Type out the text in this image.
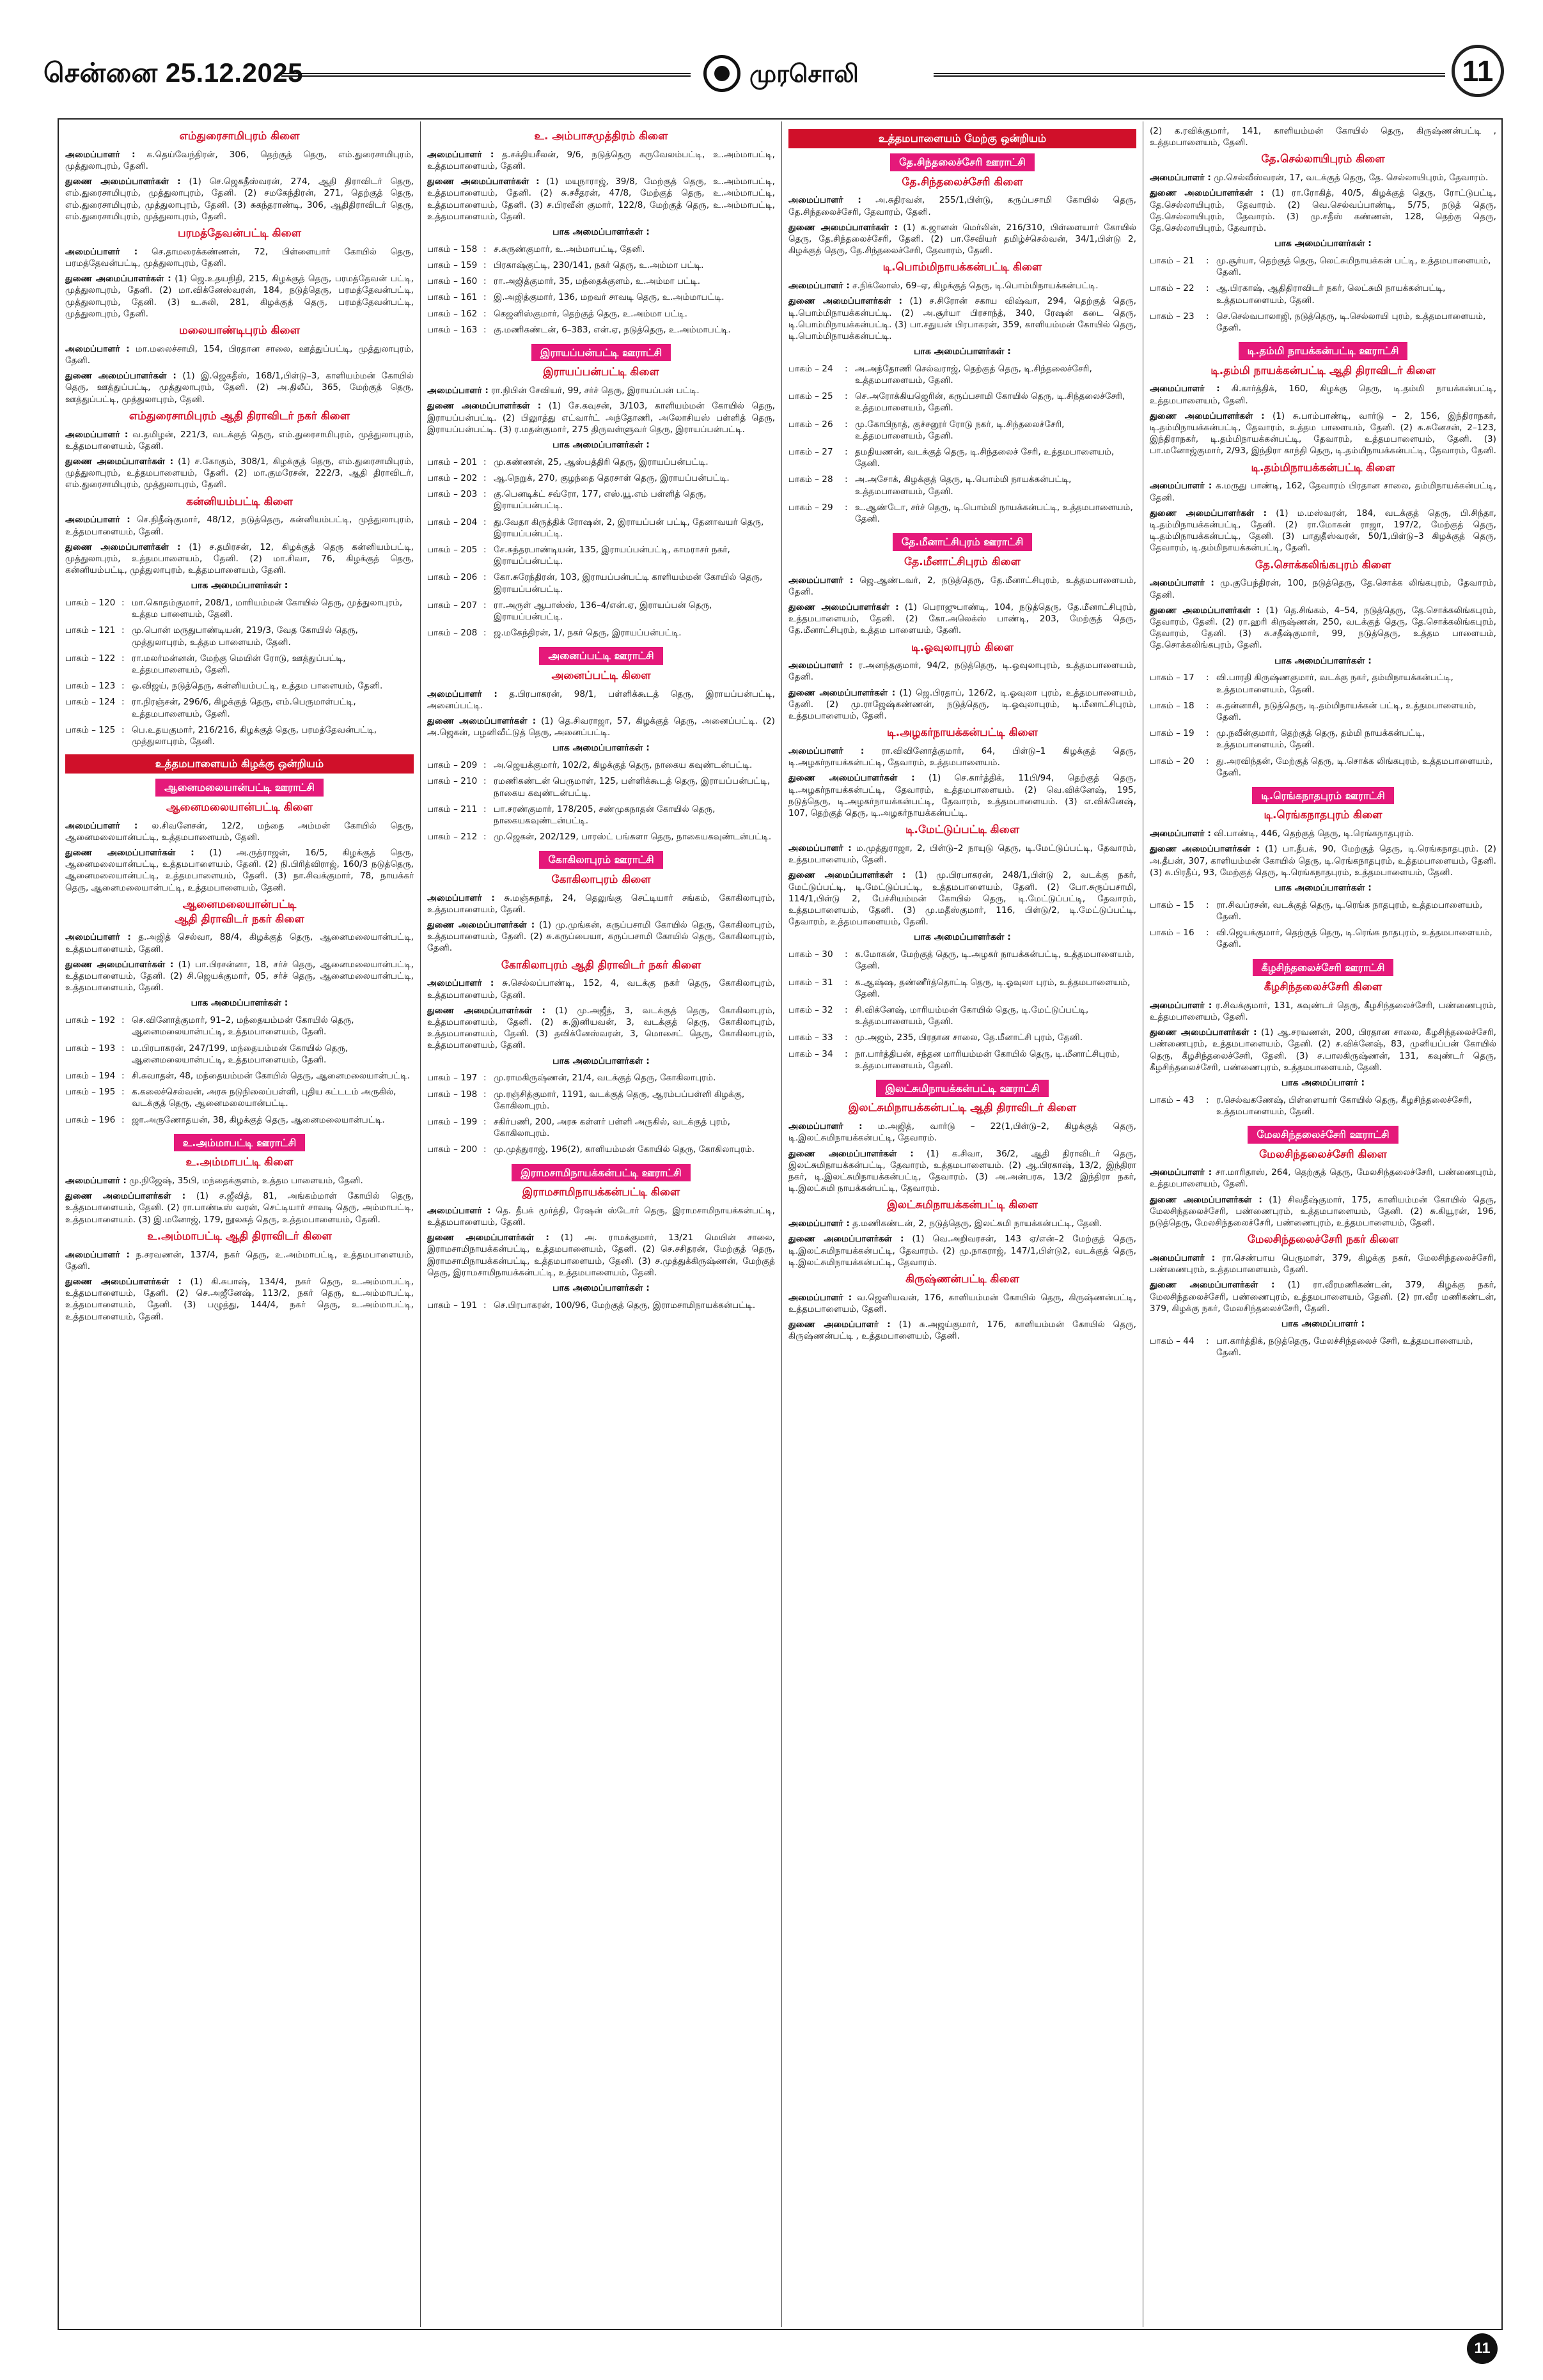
சென்னை 25.12.2025	முரசொலி	11
எம்துரைசாமிபுரம் கிளை
அமைப்பாளர் : க.தெய்வேந்திரன், 306, தெற்குத் தெரு, எம்.துரைசாமிபுரம், முத்துலாபுரம், தேனி.
துணை அமைப்பாளர்கள் : (1) செ.ஜெகதீஸ்வரன், 274, ஆதி திராவிடர் தெரு, எம்.துரைசாமிபுரம், முத்துலாபுரம், தேனி. (2) சமகேந்திரன், 271, தெற்குத் தெரு, எம்.துரைசாமிபுரம், முத்துலாபுரம், தேனி. (3) சுகந்தராண்டி, 306, ஆதிதிராவிடர் தெரு, எம்.துரைசாமிபுரம், முத்துலாபுரம், தேனி.
பரமத்தேவன்பட்டி கிளை
அமைப்பாளர் : செ.தாமரைக்கண்ணன், 72, பிள்ளையார் கோயில் தெரு, பரமத்தேவன்பட்டி, முத்துலாபுரம், தேனி.
துணை அமைப்பாளர்கள் : (1) ஜெ.உதயநிதி, 215, கிழக்குத் தெரு, பரமத்தேவன் பட்டி, முத்துலாபுரம், தேனி. (2) மா.விக்னேஸ்வரன், 184, நடுத்தெரு, பரமத்தேவன்பட்டி, முத்துலாபுரம், தேனி. (3) உ.சுலி, 281, கிழக்குத் தெரு, பரமத்தேவன்பட்டி, முத்துலாபுரம், தேனி.
மலையாண்டிபுரம் கிளை
அமைப்பாளர் : மா.மலைச்சாமி, 154, பிரதான சாலை, ஊத்துப்பட்டி, முத்துலாபுரம், தேனி.
துணை அமைப்பாளர்கள் : (1) இ.ஜெகதீஸ், 168/1,பிள்டு–3, காளியம்மன் கோயில் தெரு, ஊத்துப்பட்டி, முத்துலாபுரம், தேனி. (2) அ.திலீப், 365, மேற்குத் தெரு, ஊத்துப்பட்டி, முத்துலாபுரம், தேனி.
எம்துரைசாமிபுரம் ஆதி திராவிடர் நகர் கிளை
அமைப்பாளர் : வ.தமிழன், 221/3, வடக்குத் தெரு, எம்.துரைசாமிபுரம், முத்துலாபுரம், உத்தமபாளையம், தேனி.
துணை அமைப்பாளர்கள் : (1) ச.கோகும், 308/1, கிழக்குத் தெரு, எம்.துரைசாமிபுரம், முத்துலாபுரம், உத்தமபாளையம், தேனி. (2) மா.குமரேசன், 222/3, ஆதி திராவிடர், எம்.துரைசாமிபுரம், முத்துலாபுரம், தேனி.
கன்னியம்பட்டி கிளை
அமைப்பாளர் : செ.நிதீஷ்குமார், 48/12, நடுத்தெரு, கன்னியம்பட்டி, முத்துலாபுரம், உத்தமபாளையம், தேனி.
துணை அமைப்பாளர்கள் : (1) ச.தமிரசன், 12, கிழக்குத் தெரு கன்னியம்பட்டி, முத்துலாபுரம், உத்தமபாளையம், தேனி. (2) மா.சிவா, 76, கிழக்குத் தெரு, கன்னியம்பட்டி, முத்துலாபுரம், உத்தமபாளையம், தேனி.
பாக அமைப்பாளர்கள் :
பாகம் – 120	:	மா.கொதம்குமார், 208/1, மாரியம்மன் கோயில் தெரு, முத்துலாபுரம், உத்தம பாளையம், தேனி.
பாகம் – 121	:	மு.பொன் மருதுபாண்டியன், 219/3, வேத கோயில் தெரு, முத்துலாபுரம், உத்தம பாளையம், தேனி.
பாகம் – 122	:	ரா.மலர்மன்னன், மேற்கு மெயின் ரோடு, ஊத்துப்பட்டி, உத்தமபாளையம், தேனி.
பாகம் – 123	:	ஒ.விஜய், நடுத்தெரு, கன்னியம்பட்டி, உத்தம பாளையம், தேனி.
பாகம் – 124	:	ரா.நிரஞ்சன், 296/6, கிழக்குத் தெரு, எம்.பெருமாள்பட்டி, உத்தமபாளையம், தேனி.
பாகம் – 125	:	பெ.உதயகுமார், 216/216, கிழக்குத் தெரு, பரமத்தேவன்பட்டி, முத்துலாபுரம், தேனி.
உத்தமபாளையம் கிழக்கு ஒன்றியம்
ஆனைமலையான்பட்டி ஊராட்சி
ஆனைமலையான்பட்டி கிளை
அமைப்பாளர் : ல.சிவனேசன், 12/2, மந்தை அம்மன் கோயில் தெரு, ஆனைமலையான்பட்டி, உத்தமபாளையம், தேனி.
துணை அமைப்பாளர்கள் : (1) அ.ருத்ராஜன், 16/5, கிழக்குத் தெரு, ஆனைமலையான்பட்டி, உத்தமபாளையம், தேனி. (2) நி.பிரித்விராஜ், 160/3 நடுத்தெரு, ஆனைமலையான்பட்டி, உத்தமபாளையம், தேனி. (3) நா.சிவக்குமார், 78, நாயக்கர் தெரு, ஆனைமலையான்பட்டி, உத்தமபாளையம், தேனி.
ஆனைமலையான்பட்டி
ஆதி திராவிடர் நகர் கிளை
அமைப்பாளர் : த.அஜித் செல்வா, 88/4, கிழக்குத் தெரு, ஆனைமலையான்பட்டி, உத்தமபாளையம், தேனி.
துணை அமைப்பாளர்கள் : (1) பா.பிரசன்னா, 18, சர்ச் தெரு, ஆனைமலையான்பட்டி, உத்தமபாளையம், தேனி. (2) சி.ஜெயக்குமார், 05, சர்ச் தெரு, ஆனைமலையான்பட்டி, உத்தமபாளையம், தேனி.
பாக அமைப்பாளர்கள் :
பாகம் – 192	:	செ.வினோத்குமார், 91–2, மந்தையம்மன் கோயில் தெரு, ஆனைமலையான்பட்டி, உத்தமபாளையம், தேனி.
பாகம் – 193	:	ம.பிரபாகரன், 247/199, மந்தையம்மன் கோயில் தெரு, ஆனைமலையான்பட்டி, உத்தமபாளையம், தேனி.
பாகம் – 194	:	சி.சுவாதன், 48, மந்தையம்மன் கோயில் தெரு, ஆனைமலையான்பட்டி.
பாகம் – 195	:	க.கலைச்செல்வன், அரசு நடுநிலைப்பள்ளி, புதிய கட்டடம் அருகில், வடக்குத் தெரு, ஆனைமலையான்பட்டி.
பாகம் – 196	:	ஜா.அருணோதயன், 38, கிழக்குத் தெரு, ஆனைமலையான்பட்டி.
உ.அம்மாபட்டி ஊராட்சி
உ.அம்மாபட்டி கிளை
அமைப்பாளர் : மு.நிஜேஷ், 35பி, மந்தைக்குளம், உத்தம பாளையம், தேனி.
துணை அமைப்பாளர்கள் : (1) ச.ஜீவித், 81, அங்கம்மாள் கோயில் தெரு, உத்தமபாளையம், தேனி. (2) ரா.பாண்டீஸ் வரன், செட்டியார் சாவடி தெரு, அம்மாபட்டி, உத்தமபாளையம். (3) இ.மனோஜ், 179, நூலகத் தெரு, உத்தமபாளையம், தேனி.
உ.அம்மாபட்டி ஆதி திராவிடர் கிளை
அமைப்பாளர் : ந.சரவணன், 137/4, நகர் தெரு, உ.அம்மாபட்டி, உத்தமபாளையம், தேனி.
துணை அமைப்பாளர்கள் : (1) கி.சுபாஷ், 134/4, நகர் தெரு, உ.அம்மாபட்டி, உத்தமபாளையம், தேனி. (2) செ.அஜீனேஷ், 113/2, நகர் தெரு, உ.அம்மாபட்டி, உத்தமபாளையம், தேனி. (3) பழுத்து, 144/4, நகர் தெரு, உ.அம்மாபட்டி, உத்தமபாளையம், தேனி.
உ. அம்பாசமுத்திரம் கிளை
அமைப்பாளர் : த.சக்தியசீலன், 9/6, நடுத்தெரு கருவேலம்பட்டி, உ.அம்மாபட்டி, உத்தமபாளையம், தேனி.
துணை அமைப்பாளர்கள் : (1) மயுநாராஜ், 39/8, மேற்குத் தெரு, உ.அம்மாபட்டி, உத்தமபாளையம், தேனி. (2) சு.சசீதரன், 47/8, மேற்குத் தெரு, உ.அம்மாபட்டி, உத்தமபாளையம், தேனி. (3) ச.பிரவீன் குமார், 122/8, மேற்குத் தெரு, உ.அம்மாபட்டி, உத்தமபாளையம், தேனி.
பாக அமைப்பாளர்கள் :
பாகம் – 158	:	ச.சுருண்குமார், உ.அம்மாபட்டி, தேனி.
பாகம் – 159	:	பிரகாஷ்குட்டி, 230/141, நகர் தெரு, உ.அம்மா பட்டி.
பாகம் – 160	:	ரா.அஜித்குமார், 35, மந்தைக்குளம், உ.அம்மா பட்டி.
பாகம் – 161	:	இ.அஜித்குமார், 136, மறவர் சாவடி தெரு, உ.அம்மாபட்டி.
பாகம் – 162	:	கெஜனிஸ்குமார், தெற்குத் தெரு, உ.அம்மா பட்டி.
பாகம் – 163	:	கு.மணிகண்டன், 6–383, என்.ஏ, நடுத்தெரு, உ.அம்மாபட்டி.
இராயப்பன்பட்டி ஊராட்சி
இராயப்பன்பட்டி கிளை
அமைப்பாளர் : ரா.நிபின் சேவியர், 99, சர்ச் தெரு, இராயப்பன் பட்டி.
துணை அமைப்பாளர்கள் : (1) சே.கவுசன், 3/103, காளியம்மன் கோயில் தெரு, இராயப்பன்பட்டி. (2) பிலுாத்து எட்வார்ட் அந்தோணி, அலோசியஸ் பள்ளித் தெரு, இராயப்பன்பட்டி. (3) ர.மதன்குமார், 275 திருவள்ளுவர் தெரு, இராயப்பன்பட்டி.
பாக அமைப்பாளர்கள் :
பாகம் – 201	:	மு.கண்ணன், 25, ஆஸ்பத்திரி தெரு, இராயப்பன்பட்டி.
பாகம் – 202	:	ஆ.நெறுக், 270, குழந்தை தெரசாள் தெரு, இராயப்பன்பட்டி.
பாகம் – 203	:	கு.பெனடிக்ட் சவ்ரோ, 177, எஸ்.யூ.எம் பள்ளித் தெரு, இராயப்பன்பட்டி.
பாகம் – 204	:	து.வேதா கிருத்திக் ரோஷன், 2, இராயப்பன் பட்டி, தேனாவயர் தெரு, இராயப்பன்பட்டி.
பாகம் – 205	:	சே.சுந்தரபாண்டியன், 135, இராயப்பன்பட்டி, காமராசர் நகர், இராயப்பன்பட்டி.
பாகம் – 206	:	கோ.சுரேந்திரன், 103, இராயப்பன்பட்டி காளியம்மன் கோயில் தெரு, இராயப்பன்பட்டி.
பாகம் – 207	:	ரா.அருள் ஆபாஸ்ஸ், 136–4/என்.ஏ, இராயப்பன் தெரு, இராயப்பன்பட்டி.
பாகம் – 208	:	ஜ.மகேந்திரன், 1/, நகர் தெரு, இராயப்பன்பட்டி.
அனைப்பட்டி ஊராட்சி
அனைப்பட்டி கிளை
அமைப்பாளர் : த.பிரபாகரன், 98/1, பள்ளிக்கூடத் தெரு, இராயப்பன்பட்டி, அனைப்பட்டி.
துணை அமைப்பாளர்கள் : (1) தெ.சிவராஜா, 57, கிழக்குத் தெரு, அனைப்பட்டி. (2) அ.ஜெகன், பழனிவீட்டுத் தெரு, அனைப்பட்டி.
பாக அமைப்பாளர்கள் :
பாகம் – 209	:	அ.ஜெயக்குமார், 102/2, கிழக்குத் தெரு, நாகைய கவுண்டன்பட்டி.
பாகம் – 210	:	ரமணிகண்டன் பெருமாள், 125, பள்ளிக்கூடத் தெரு, இராயப்பன்பட்டி, நாகைய கவுண்டன்பட்டி.
பாகம் – 211	:	பா.சரண்குமார், 178/205, சண்முகநாதன் கோயில் தெரு, நாகையகவுண்டன்பட்டி.
பாகம் – 212	:	மு.ஜெகன், 202/129, பாரஸ்ட் பங்களா தெரு, நாகையகவுண்டன்பட்டி.
கோகிலாபுரம் ஊராட்சி
கோகிலாபுரம் கிளை
அமைப்பாளர் : சு.மஞ்சுநாத், 24, தெலுங்கு செட்டியார் சங்கம், கோகிலாபுரம், உத்தமபாளையம், தேனி.
துணை அமைப்பாளர்கள் : (1) மு.முங்கன், கருப்பசாமி கோயில் தெரு, கோகிலாபுரம், உத்தமபாளையம், தேனி. (2) சு.கருப்பையா, கருப்பசாமி கோயில் தெரு, கோகிலாபுரம், தேனி.
கோகிலாபுரம் ஆதி திராவிடர் நகர் கிளை
அமைப்பாளர் : சு.செல்லப்பாண்டி, 152, 4, வடக்கு நகர் தெரு, கோகிலாபுரம், உத்தமபாளையம், தேனி.
துணை அமைப்பாளர்கள் : (1) மு.அஜீத், 3, வடக்குத் தெரு, கோகிலாபுரம், உத்தமபாளையம், தேனி. (2) சு.இனியவன், 3, வடக்குத் தெரு, கோகிலாபுரம், உத்தமபாளையம், தேனி. (3) தவிக்னேஸ்வரன், 3, மொசைட் தெரு, கோகிலாபுரம், உத்தமபாளையம், தேனி.
பாக அமைப்பாளர்கள் :
பாகம் – 197	:	மு.ராமகிருஷ்ணன், 21/4, வடக்குத் தெரு, கோகிலாபுரம்.
பாகம் – 198	:	மு.ரஞ்சித்குமார், 1191, வடக்குத் தெரு, ஆரம்பப்பள்ளி கிழக்கு, கோகிலாபுரம்.
பாகம் – 199	:	சகிர்பணி, 200, அரசு கள்ளர் பள்ளி அருகில், வடக்குத் புரம், கோகிலாபுரம்.
பாகம் – 200	:	மு.முத்துராஜ், 196(2), காளியம்மன் கோயில் தெரு, கோகிலாபுரம்.
இராமசாமிநாயக்கன்பட்டி ஊராட்சி
இராமசாமிநாயக்கன்பட்டி கிளை
அமைப்பாளர் : தெ. தீபக் மூர்த்தி, ரேஷன் ஸ்டோர் தெரு, இராமசாமிநாயக்கன்பட்டி, உத்தமபாளையம், தேனி.
துணை அமைப்பாளர்கள் : (1) அ. ராமக்குமார், 13/21 மெயின் சாலை, இராமசாமிநாயக்கன்பட்டி, உத்தமபாளையம், தேனி. (2) செ.சசிதரன், மேற்குத் தெரு, இராமசாமிநாயக்கன்பட்டி, உத்தமபாளையம், தேனி. (3) ச.முத்துக்கிருஷ்ணன், மேற்குத் தெரு, இராமசாமிநாயக்கன்பட்டி, உத்தமபாளையம், தேனி.
பாக அமைப்பாளர்கள் :
பாகம் – 191	:	செ.பிரபாகரன், 100/96, மேற்குத் தெரு, இராமசாமிநாயக்கன்பட்டி.
உத்தமபாளையம் மேற்கு ஒன்றியம்
தே.சிந்தலைச்சேரி ஊராட்சி
தே.சிந்தலைச்சேரி கிளை
அமைப்பாளர் : அ.சுதிரவன், 255/1,பிள்டு, கருப்பசாமி கோயில் தெரு, தே.சிந்தலைச்சேரி, தேவாரம், தேனி.
துணை அமைப்பாளர்கள் : (1) க.ஜானன் மெர்லின், 216/310, பிள்ளையார் கோயில் தெரு, தே.சிந்தலைச்சேரி, தேனி. (2) பா.சேவியர் தமிழ்ச்செல்வன், 34/1,பிள்டு 2, கிழக்குத் தெரு, தே.சிந்தலைச்சேரி, தேவாரம், தேனி.
டி.பொம்மிநாயக்கன்பட்டி கிளை
அமைப்பாளர் : ச.நிக்லோஸ், 69–ஏ, கிழக்குத் தெரு, டி.பொம்மிநாயக்கன்பட்டி.
துணை அமைப்பாளர்கள் : (1) ச.சிரோன் சகாய விஷ்வா, 294, தெற்குத் தெரு, டி.பொம்மிநாயக்கன்பட்டி. (2) அ.சூர்யா பிரசாந்த், 340, ரேஷன் கடை தெரு, டி.பொம்மிநாயக்கன்பட்டி. (3) பா.சதுயன் பிரபாகரன், 359, காளியம்மன் கோயில் தெரு, டி.பொம்மிநாயக்கன்பட்டி.
பாக அமைப்பாளர்கள் :
பாகம் – 24	:	அ.அந்தோணி செல்வராஜ், தெற்குத் தெரு, டி.சிந்தலைச்சேரி, உத்தமபாளையம், தேனி.
பாகம் – 25	:	செ.அரோக்கியஜெரின், கருப்பசாமி கோயில் தெரு, டி.சிந்தலைச்சேரி, உத்தமபாளையம், தேனி.
பாகம் – 26	:	மு.கோபிநாத், குச்சனூர் ரோடு நகர், டி.சிந்தலைச்சேரி, உத்தமபாளையம், தேனி.
பாகம் – 27	:	தமதியணன், வடக்குத் தெரு, டி.சிந்தலைச் சேரி, உத்தமபாளையம், தேனி.
பாகம் – 28	:	அ.அசோக், கிழக்குத் தெரு, டி.பொம்மி நாயக்கன்பட்டி, உத்தமபாளையம், தேனி.
பாகம் – 29	:	உ.ஆண்டோ, சர்ச் தெரு, டி.பொம்மி நாயக்கன்பட்டி, உத்தமபாளையம், தேனி.
தே.மீனாட்சிபுரம் ஊராட்சி
தே.மீனாட்சிபுரம் கிளை
அமைப்பாளர் : ஜெ.ஆண்டவர், 2, நடுத்தெரு, தே.மீனாட்சிபுரம், உத்தமபாளையம், தேனி.
துணை அமைப்பாளர்கள் : (1) பெராஜுபாண்டி, 104, நடுத்தெரு, தே.மீனாட்சிபுரம், உத்தமபாளையம், தேனி. (2) கோ.அலெக்ஸ் பாண்டி, 203, மேற்குத் தெரு, தே.மீனாட்சிபுரம், உத்தம பாளையம், தேனி.
டி.ஓவுலாபுரம் கிளை
அமைப்பாளர் : ர.அனந்தகுமார், 94/2, நடுத்தெரு, டி.ஓவுலாபுரம், உத்தமபாளையம், தேனி.
துணை அமைப்பாளர்கள் : (1) ஜெ.பிரதாப், 126/2, டி.ஓவுலா புரம், உத்தமபாளையம், தேனி. (2) மு.ராஜேஷ்கண்ணன், நடுத்தெரு, டி.ஓவுலாபுரம், டி.மீனாட்சிபுரம், உத்தமபாளையம், தேனி.
டி.அழகர்நாயக்கன்பட்டி கிளை
அமைப்பாளர் : ரா.விவினோத்குமார், 64, பிள்டு–1 கிழக்குத் தெரு, டி.அழகர்நாயக்கன்பட்டி, தேவாரம், உத்தமபாளையம்.
துணை அமைப்பாளர்கள் : (1) செ.கார்த்திக், 11பி/94, தெற்குத் தெரு, டி.அழகர்நாயக்கன்பட்டி, தேவாரம், உத்தமபாளையம். (2) வெ.விக்னேஷ், 195, நடுத்தெரு, டி.அழகர்நாயக்கன்பட்டி, தேவாரம், உத்தமபாளையம். (3) எ.விக்னேஷ், 107, தெற்குத் தெரு, டி.அழகர்நாயக்கன்பட்டி.
டி.மேட்டுப்பட்டி கிளை
அமைப்பாளர் : ம.முத்துராஜா, 2, பிள்டு–2 நாயுடு தெரு, டி.மேட்டுப்பட்டி, தேவாரம், உத்தமபாளையம், தேனி.
துணை அமைப்பாளர்கள் : (1) மு.பிரபாகரன், 248/1,பிள்டு 2, வடக்கு நகர், மேட்டுப்பட்டி, டி.மேட்டுப்பட்டி, உத்தமபாளையம், தேனி. (2) போ.சுருப்பசாமி, 114/1,பிள்டு 2, பேச்சியம்மன் கோயில் தெரு, டி.மேட்டுப்பட்டி, தேவாரம், உத்தமபாளையம், தேனி. (3) மு.மதீஸ்குமார், 116, பிள்டு/2, டி.மேட்டுப்பட்டி, தேவாரம், உத்தமபாளையம், தேனி.
பாக அமைப்பாளர்கள் :
பாகம் – 30	:	க.மோகன், மேற்குத் தெரு, டி.அழகர் நாயக்கன்பட்டி, உத்தமபாளையம், தேனி.
பாகம் – 31	:	க.ஆஷ்ஷ, தண்ணீர்த்தொட்டி தெரு, டி.ஓவுலா புரம், உத்தமபாளையம், தேனி.
பாகம் – 32	:	சி.விக்னேஷ், மாரியம்மன் கோயில் தெரு, டி.மேட்டுப்பட்டி, உத்தமபாளையம், தேனி.
பாகம் – 33	:	மு.அஜம், 235, பிரதான சாலை, தே.மீனாட்சி புரம், தேனி.
பாகம் – 34	:	நா.பார்த்திபன், சந்தன மாரியம்மன் கோயில் தெரு, டி.மீனாட்சிபுரம், உத்தமபாளையம், தேனி.
இலட்சுமிநாயக்கன்பட்டி ஊராட்சி
இலட்சுமிநாயக்கன்பட்டி ஆதி திராவிடர் கிளை
அமைப்பாளர் : ம.அஜித், வார்டு – 22(1,பிள்டு–2, கிழக்குத் தெரு, டி.இலட்சுமிநாயக்கன்பட்டி, தேவாரம்.
துணை அமைப்பாளர்கள் : (1) க.சிவா, 36/2, ஆதி திராவிடர் தெரு, இலட்சுமிநாயக்கன்பட்டி, தேவாரம், உத்தமபாளையம். (2) ஆ.பிரகாஷ், 13/2, இந்திரா நகர், டி.இலட்சுமிநாயக்கன்பட்டி, தேவாரம். (3) அ.அன்பரசு, 13/2 இந்திரா நகர், டி.இலட்சுமி நாயக்கன்பட்டி, தேவாரம்.
இலட்சுமிநாயக்கன்பட்டி கிளை
அமைப்பாளர் : த.மணிகண்டன், 2, நடுத்தெரு, இலட்சுமி நாயக்கன்பட்டி, தேனி.
துணை அமைப்பாளர்கள் : (1) வெ.அறிவரசன், 143 ஏ/என்–2 மேற்குத் தெரு, டி.இலட்சுமிநாயக்கன்பட்டி, தேவாரம். (2) மு.நாகராஜ், 147/1,பிள்டு2, வடக்குத் தெரு, டி.இலட்சுமிநாயக்கன்பட்டி, தேவாரம்.
கிருஷ்ணன்பட்டி கிளை
அமைப்பாளர் : வ.ஜெனியவன், 176, காளியம்மன் கோயில் தெரு, கிருஷ்ணன்பட்டி, உத்தமபாளையம், தேனி.
துணை அமைப்பாளர் : (1) சு.அஜய்குமார், 176, காளியம்மன் கோயில் தெரு, கிருஷ்ணன்பட்டி , உத்தமபாளையம், தேனி.
(2) க.ரவிக்குமார், 141, காளியம்மன் கோயில் தெரு, கிருஷ்ணன்பட்டி , உத்தமபாளையம், தேனி.
தே.செல்லாயிபுரம் கிளை
அமைப்பாளர் : மு.செல்வீஸ்வரன், 17, வடக்குத் தெரு, தே. செல்லாயிபுரம், தேவாரம்.
துணை அமைப்பாளர்கள் : (1) ரா.ரோகித், 40/5, கிழக்குத் தெரு, ரோட்டுபட்டி, தே.செல்லாயிபுரம், தேவாரம். (2) வெ.செல்வப்பாண்டி, 5/75, நடுத் தெரு, தே.செல்லாயிபுரம், தேவாரம். (3) மு.சதீஸ் கண்ணன், 128, தெற்கு தெரு, தே.செல்லாயிபுரம், தேவாரம்.
பாக அமைப்பாளர்கள் :
பாகம் – 21	:	மு.சூர்யா, தெற்குத் தெரு, லெட்சுமிநாயக்கன் பட்டி, உத்தமபாளையம், தேனி.
பாகம் – 22	:	ஆ.பிரகாஷ், ஆதிதிராவிடர் நகர், லெட்சுமி நாயக்கன்பட்டி, உத்தமபாளையம், தேனி.
பாகம் – 23	:	செ.செல்வபாலாஜி, நடுத்தெரு, டி.செல்லாயி புரம், உத்தமபாளையம், தேனி.
டி.தம்மி நாயக்கன்பட்டி ஊராட்சி
டி.தம்மி நாயக்கன்பட்டி ஆதி திராவிடர் கிளை
அமைப்பாளர் : கி.கார்த்திக், 160, கிழக்கு தெரு, டி.தம்மி நாயக்கன்பட்டி, உத்தமபாளையம், தேனி.
துணை அமைப்பாளர்கள் : (1) சு.பாம்பாண்டி, வார்டு – 2, 156, இந்திராநகர், டி.தம்மிநாயக்கன்பட்டி, தேவாரம், உத்தம பாளையம், தேனி. (2) க.சுனேசன், 2–123, இந்திராநகர், டி.தம்மிநாயக்கன்பட்டி, தேவாரம், உத்தமபாளையம், தேனி. (3) பா.மனோஜ்குமார், 2/93, இந்திரா காந்தி தெரு, டி.தம்மிநாயக்கன்பட்டி, தேவாரம், தேனி.
டி.தம்மிநாயக்கன்பட்டி கிளை
அமைப்பாளர் : க.மருது பாண்டி, 162, தேவாரம் பிரதான சாலை, தம்மிநாயக்கன்பட்டி, தேனி.
துணை அமைப்பாளர்கள் : (1) ம.மஸ்வரன், 184, வடக்குத் தெரு, பி.சிந்தா, டி.தம்மிநாயக்கன்பட்டி, தேனி. (2) ரா.மோகன் ராஜா, 197/2, மேற்குத் தெரு, டி.தம்மிநாயக்கன்பட்டி, தேனி. (3) பாதுதீஸ்வரன், 50/1,பிள்டு–3 கிழக்குத் தெரு, தேவாரம், டி.தம்மிநாயக்கன்பட்டி, தேனி.
தே.சொக்கலிங்கபுரம் கிளை
அமைப்பாளர் : மு.குபேந்திரன், 100, நடுத்தெரு, தே.சொக்க லிங்கபுரம், தேவாரம், தேனி.
துணை அமைப்பாளர்கள் : (1) தெ.சிங்கம், 4–54, நடுத்தெரு, தே.சொக்கலிங்கபுரம், தேவாரம், தேனி. (2) ரா.ஹரி கிருஷ்ணன், 250, வடக்குத் தெரு, தே.சொக்கலிங்கபுரம், தேவாரம், தேனி. (3) சு.சதீஷ்குமார், 99, நடுத்தெரு, உத்தம பாளையம், தே.சொக்கலிங்கபுரம், தேனி.
பாக அமைப்பாளர்கள் :
பாகம் – 17	:	வி.பாரதி கிருஷ்ணகுமார், வடக்கு நகர், தம்மிநாயக்கன்பட்டி, உத்தமபாளையம், தேனி.
பாகம் – 18	:	சு.தன்னாசி, நடுத்தெரு, டி.தம்மிநாயக்கன் பட்டி, உத்தமபாளையம், தேனி.
பாகம் – 19	:	மு.நவீன்குமார், தெற்குத் தெரு, தம்மி நாயக்கன்பட்டி, உத்தமபாளையம், தேனி.
பாகம் – 20	:	து.அரவிந்தன், மேற்குத் தெரு, டி.சொக்க லிங்கபுரம், உத்தமபாளையம், தேனி.
டி.ரெங்கநாதபுரம் ஊராட்சி
டி.ரெங்கநாதபுரம் கிளை
அமைப்பாளர் : வி.பாண்டி, 446, தெற்குத் தெரு, டி.ரெங்கநாதபுரம்.
துணை அமைப்பாளர்கள் : (1) பா.தீபக், 90, மேற்குத் தெரு, டி.ரெங்கநாதபுரம். (2) அ.தீபன், 307, காளியம்மன் கோயில் தெரு, டி.ரெங்கநாதபுரம், உத்தமபாளையம், தேனி. (3) சு.பிரதீப், 93, மேற்குத் தெரு, டி.ரெங்கநாதபுரம், உத்தமபாளையம், தேனி.
பாக அமைப்பாளர்கள் :
பாகம் – 15	:	ரா.சிவப்ரசன், வடக்குத் தெரு, டி.ரெங்க நாதபுரம், உத்தமபாளையம், தேனி.
பாகம் – 16	:	வி.ஜெயக்குமார், தெற்குத் தெரு, டி.ரெங்க நாதபுரம், உத்தமபாளையம், தேனி.
கீழசிந்தலைச்சேரி ஊராட்சி
கீழசிந்தலைச்சேரி கிளை
அமைப்பாளர் : ர.சிவக்குமார், 131, கவுண்டர் தெரு, கீழசிந்தலைச்சேரி, பண்ணைபுரம், உத்தமபாளையம், தேனி.
துணை அமைப்பாளர்கள் : (1) ஆ.சரவணன், 200, பிரதான சாலை, கீழசிந்தலைச்சேரி, பண்ணைபுரம், உத்தமபாளையம், தேனி. (2) ச.விக்னேஷ், 83, முனியப்பன் கோயில் தெரு, கீழசிந்தலைச்சேரி, தேனி. (3) ச.பாலகிருஷ்ணன், 131, கவுண்டர் தெரு, கீழசிந்தலைச்சேரி, பண்ணைபுரம், உத்தமபாளையம், தேனி.
பாக அமைப்பாளர் :
பாகம் – 43	:	ர.செல்வகணேஷ், பிள்ளையார் கோயில் தெரு, கீழசிந்தலைச்சேரி, உத்தமபாளையம், தேனி.
மேலசிந்தலைச்சேரி ஊராட்சி
மேலசிந்தலைச்சேரி கிளை
அமைப்பாளர் : சா.மாரிதாஸ், 264, தெற்குத் தெரு, மேலசிந்தலைச்சேரி, பண்ணைபுரம், உத்தமபாளையம், தேனி.
துணை அமைப்பாளர்கள் : (1) சிவதீஷ்குமார், 175, காளியம்மன் கோயில் தெரு, மேலசிந்தலைச்சேரி, பண்ணைபுரம், உத்தமபாளையம், தேனி. (2) சு.கியூரன், 196, நடுத்தெரு, மேலசிந்தலைச்சேரி, பண்ணைபுரம், உத்தமபாளையம், தேனி.
மேலசிந்தலைச்சேரி நகர் கிளை
அமைப்பாளர் : ரா.செண்பாய பெருமாள், 379, கிழக்கு நகர், மேலசிந்தலைச்சேரி, பண்ணைபுரம், உத்தமபாளையம், தேனி.
துணை அமைப்பாளர்கள் : (1) ரா.வீரமணிகண்டன், 379, கிழக்கு நகர், மேலசிந்தலைச்சேரி, பண்ணைபுரம், உத்தமபாளையம், தேனி. (2) ரா.வீர மணிகண்டன், 379, கிழக்கு நகர், மேலசிந்தலைச்சேரி, தேனி.
பாக அமைப்பாளர் :
பாகம் – 44	:	பா.கார்த்திக், நடுத்தெரு, மேலச்சிந்தலைச் சேரி, உத்தமபாளையம், தேனி.
11
